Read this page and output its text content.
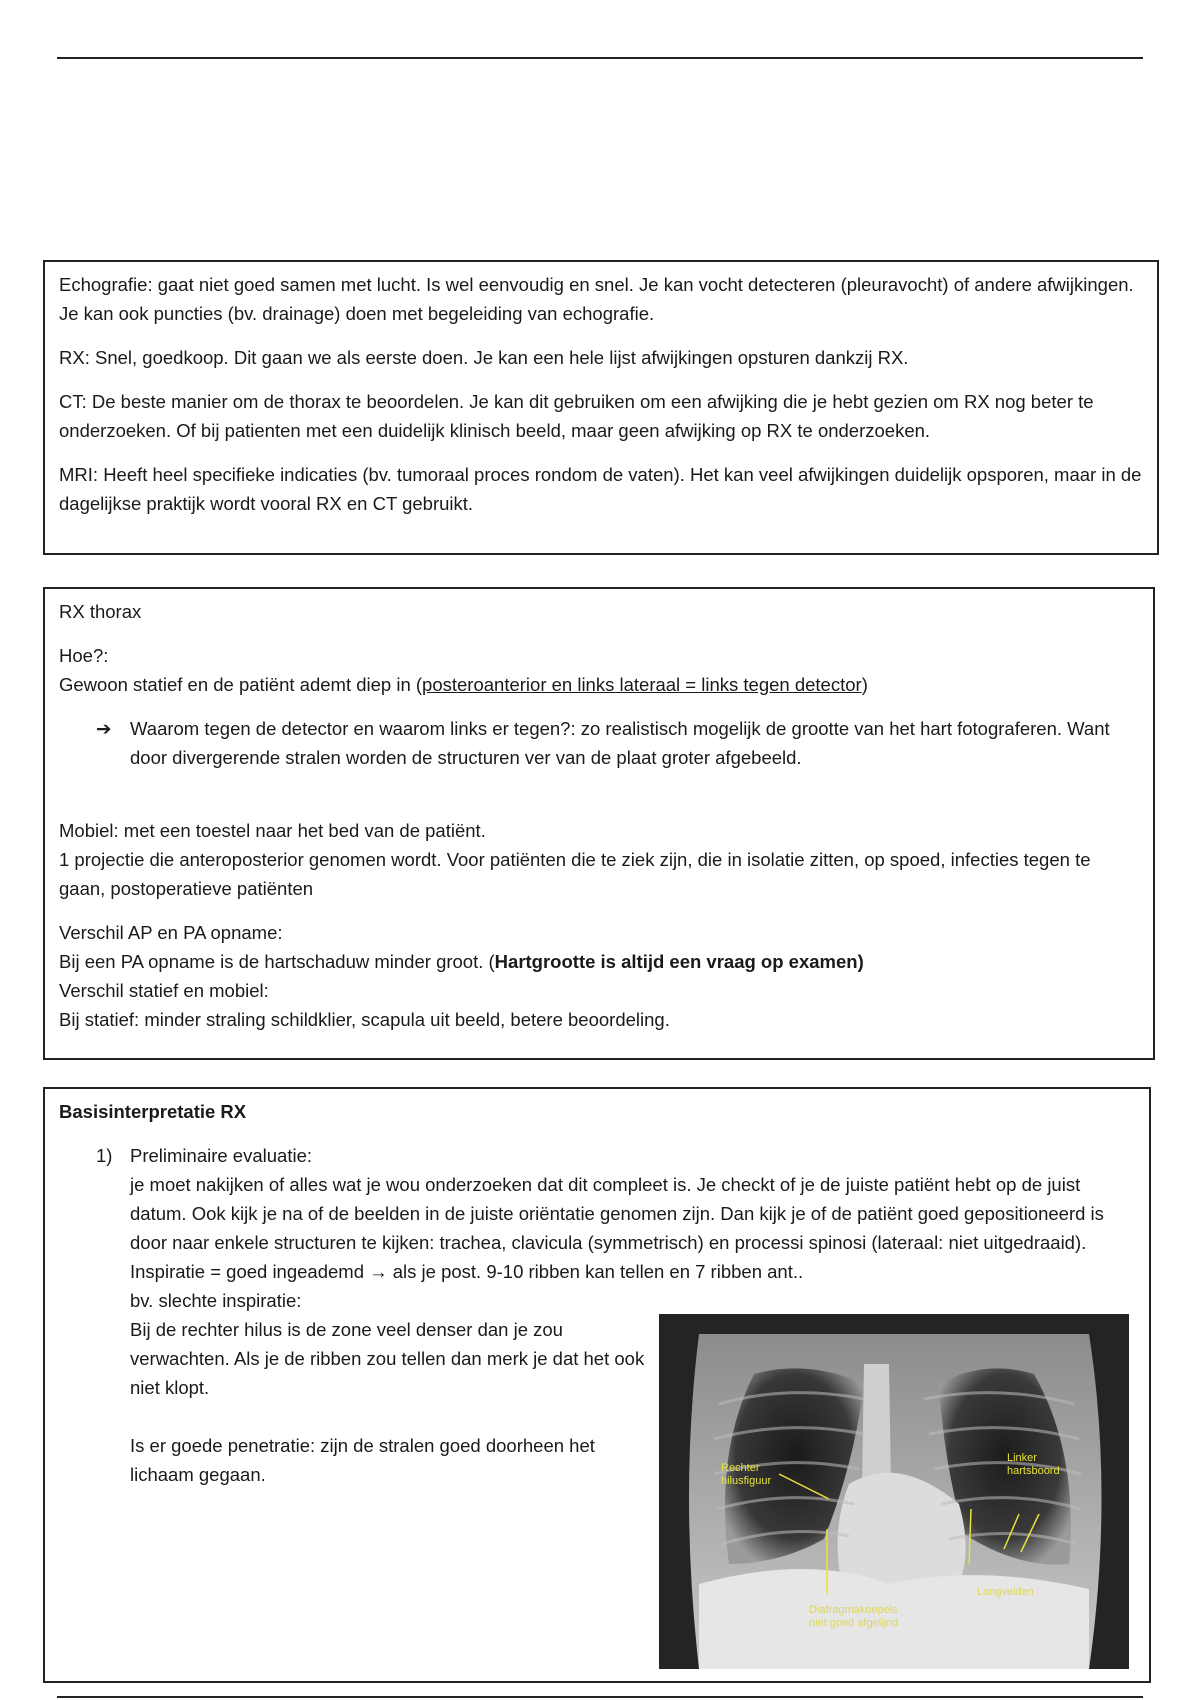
Echografie: gaat niet goed samen met lucht. Is wel eenvoudig en snel. Je kan vocht detecteren (pleuravocht) of andere afwijkingen. Je kan ook puncties (bv. drainage) doen met begeleiding van echografie.

RX: Snel, goedkoop. Dit gaan we als eerste doen. Je kan een hele lijst afwijkingen opsturen dankzij RX.

CT: De beste manier om de thorax te beoordelen. Je kan dit gebruiken om een afwijking die je hebt gezien om RX nog beter te onderzoeken. Of bij patienten met een duidelijk klinisch beeld, maar geen afwijking op RX te onderzoeken.

MRI: Heeft heel specifieke indicaties (bv. tumoraal proces rondom de vaten). Het kan veel afwijkingen duidelijk opsporen, maar in de dagelijkse praktijk wordt vooral RX en CT gebruikt.

RX thorax

Hoe?:

Gewoon statief en de patiënt ademt diep in (posteroanterior en links lateraal = links tegen detector)

➔ Waarom tegen de detector en waarom links er tegen?: zo realistisch mogelijk de grootte van het hart fotograferen. Want door divergerende stralen worden de structuren ver van de plaat groter afgebeeld.

Mobiel: met een toestel naar het bed van de patiënt.

1 projectie die anteroposterior genomen wordt. Voor patiënten die te ziek zijn, die in isolatie zitten, op spoed, infecties tegen te gaan, postoperatieve patiënten

Verschil AP en PA opname:

Bij een PA opname is de hartschaduw minder groot. (Hartgrootte is altijd een vraag op examen)

Verschil statief en mobiel:

Bij statief: minder straling schildklier, scapula uit beeld, betere beoordeling.

Basisinterpretatie RX

1) Preliminaire evaluatie:

je moet nakijken of alles wat je wou onderzoeken dat dit compleet is. Je checkt of je de juiste patiënt hebt op de juist datum. Ook kijk je na of de beelden in de juiste oriëntatie genomen zijn. Dan kijk je of de patiënt goed gepositioneerd is door naar enkele structuren te kijken: trachea, clavicula (symmetrisch) en processi spinosi (lateraal: niet uitgedraaid). Inspiratie = goed ingeademd → als je post. 9-10 ribben kan tellen en 7 ribben ant..

bv. slechte inspiratie:

Bij de rechter hilus is de zone veel denser dan je zou verwachten. Als je de ribben zou tellen dan merk je dat het ook niet klopt.

Is er goede penetratie: zijn de stralen goed doorheen het lichaam gegaan.	Rechter hilusfiguur
Linker hartsboord
Longvelden
Diafragmakoepels niet goed afgelijnd
